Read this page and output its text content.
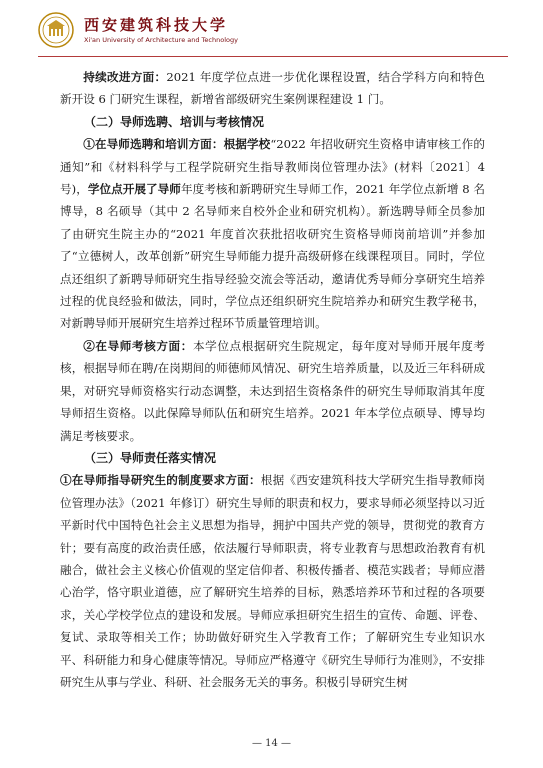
西安建筑科技大学
Xi'an University of Architecture and Technology

持续改进方面：2021 年度学位点进一步优化课程设置，结合学科方向和特色新开设 6 门研究生课程，新增省部级研究生案例课程建设 1 门。

（二）导师选聘、培训与考核情况

①在导师选聘和培训方面：根据学校“2022 年招收研究生资格申请审核工作的通知”和《材料科学与工程学院研究生指导教师岗位管理办法》(材料〔2021〕4 号)，学位点开展了导师年度考核和新聘研究生导师工作，2021 年学位点新增 8 名博导，8 名硕导（其中 2 名导师来自校外企业和研究机构）。新选聘导师全员参加了由研究生院主办的“2021 年度首次获批招收研究生资格导师岗前培训”并参加了“立德树人，改革创新”研究生导师能力提升高级研修在线课程项目。同时，学位点还组织了新聘导师研究生指导经验交流会等活动，邀请优秀导师分享研究生培养过程的优良经验和做法，同时，学位点还组织研究生院培养办和研究生教学秘书，对新聘导师开展研究生培养过程环节质量管理培训。

②在导师考核方面：本学位点根据研究生院规定，每年度对导师开展年度考核，根据导师在聘/在岗期间的师德师风情况、研究生培养质量，以及近三年科研成果，对研究导师资格实行动态调整，未达到招生资格条件的研究生导师取消其年度导师招生资格。以此保障导师队伍和研究生培养。2021 年本学位点硕导、博导均满足考核要求。

（三）导师责任落实情况

①在导师指导研究生的制度要求方面：根据《西安建筑科技大学研究生指导教师岗位管理办法》（2021 年修订）研究生导师的职责和权力，要求导师必须坚持以习近平新时代中国特色社会主义思想为指导，拥护中国共产党的领导，贯彻党的教育方针；要有高度的政治责任感，依法履行导师职责，将专业教育与思想政治教育有机融合，做社会主义核心价值观的坚定信仰者、积极传播者、模范实践者；导师应潜心治学，恪守职业道德，应了解研究生培养的目标，熟悉培养环节和过程的各项要求，关心学校学位点的建设和发展。导师应承担研究生招生的宣传、命题、评卷、复试、录取等相关工作；协助做好研究生入学教育工作；了解研究生专业知识水平、科研能力和身心健康等情况。导师应严格遵守《研究生导师行为准则》，不安排研究生从事与学业、科研、社会服务无关的事务。积极引导研究生树

— 14 —
